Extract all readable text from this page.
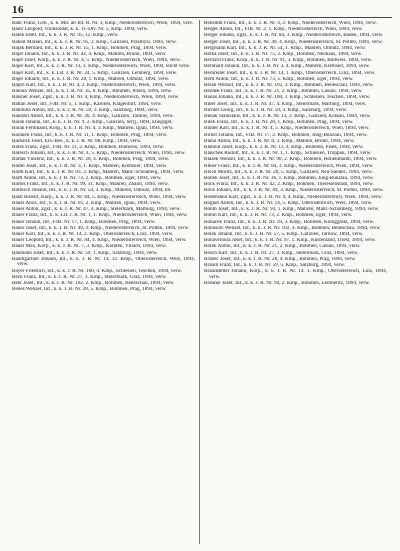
16

Bahr Franz, Geb., k. k. Mil. ab Jnf. R. Nr. 3, Kmp., Niederösterreich, Wien, 1894, vere.

Baier Leopold, Trainsoldat, k. k. Tr.-Div. Nr. 5, Kmp. 1894, verw.

Balek Josef, Inf., k. k. J. R. Nr. 95, 12. Kmp., verw.

Balent Marian, Inf., k. k. J. R. Nr. 95, 2. Kmp., Galizien, Przemysl, 1894, verw.

Bajak Bernard, Inf., k. k. J. R. Nr. 15, 1. Kmp., Böhmen, Prag, 1894, verw.

Bajer Johann, Inf., k. k. J. R. Nr. 42, 4. Kmp., Mähren, Brünn, 1894, verw.

Bajer Josef, Korp., k. k. J. R. Nr. 4, 5. Kmp., Niederösterreich, Wien, 1894, verw.

Bajer Karl, Inf., k. k. J. R. Nr. 13, 3. Kmp., Niederösterreich, Wien, 1894, leicht verw.

Bajer Karl, Inf., k. k. Lst. J. R. Nr. 24, 5. Kmp., Galizien, Lemberg, 1894, verw.

Bajer Eduard, Inf., k. k. J. R. Nr. 28, 1. Kmp., Mähren, Olmütz, 1894, verw.

Bajerl Karl, Inf., k. k. J. R. Nr. 4, 2. Kmp., Niederösterreich, Wien, 1894, verw.

Baloun Wenzel, Inf., k. k. J. R. Nr. 35, 8. Kmp., Böhmen, Pilsen, 1894, verw.

Balsner Josef, Zgsf., k. k. J. R. Nr. 4, Kmp., Niederösterreich, Wien, 1894, verw.

Baltan Josef, Inf., FJB. Nr. 5, 1. Kmp., Kärnten, Klagenfurt, 1894, verw.

Bandulla Anton, Inf., k. k. J. R. Nr. 59, 3. Kmp., Salzburg, 1894, verw.

Bandzel Anton, Inf., k. k. J. R. Nr. 20, 4. Kmp., Galizien, Tarnow, 1894, verw.

Baran Johann, Inf., k. k. J. R. Nr. 9, 2. Kmp., Galizien, Stryj, 1894, kriegsgef.

Barak Ferdinand, Korp., k. k. J. R. Nr. 4, 3. Kmp., Mähren, Iglau, 1894, verw.

Baranek Franz, Inf., k. k. J. R. Nr. 11, 1. Kmp., Böhmen, Prag, 1894, verw.

Barbarik Josef, Ers.-Res., k. k. J. R. Nr. 88, Kmp., 1894, verw.

Bares Franz, Zgsf., FJB. Nr. 11, 2. Kmp., Böhmen, Budweis, 1894, verw.

Baresch Johann, Inf., k. k. J. R. Nr. 4, 5. Kmp., Niederösterreich, Wien, 1894, verw.

Bartak Vinzenz, Inf., k. k. J. R. Nr. 28, 4. Kmp., Böhmen, Prag, 1894, verw.

Bartel Josef, Inf., k. k. J. R. Nr. 3, 1. Kmp., Mähren, Kremsier, 1894, verw.

Barth Karl, Inf., k. k. J. R. Nr. 93, 3. Kmp., Mähren, Mähr.-Schönberg, 1894, verw.

Bartl Anton, Inf., k. k. J. R. Nr. 73, 2. Kmp., Böhmen, Eger, 1894, verw.

Bartos Franz, Inf., k. k. J. R. Nr. 99, 11. Kmp., Mähren, Znaim, 1894, verw.

Bartusch Johann, Inf., k. k. J. R. Nr. 54, 3. Kmp., Mähren, Olmütz, 1894, tot.

Bastl Rudolf, Korp., k. k. J. R. Nr. 84, 5. Kmp., Niederösterreich, Wien, 1894, verw.

Bauer Alois, Inf., k. k. J. R. Nr. 81, 2. Kmp., Mähren, Iglau, 1894, verw.

Bauer Anton, Zgsf., k. k. J. R. Nr. 47, 4. Kmp., Steiermark, Marburg, 1894, verw.

Bauer Franz, Inf., k. k. Lst. J. R. Nr. 1, 1. Kmp., Niederösterreich, Wien, 1894, verw.

Bauer Johann, Inf., FJB. Nr. 17, 1. Kmp., Böhmen, Prag, 1894, verw.

Bauer Josef, Inf., k. k. J. R. Nr. 49, 3. Kmp., Niederösterreich, St. Pölten, 1894, verw.

Bauer Karl, Inf., k. k. J. R. Nr. 14, 2. Kmp., Oberösterreich, Linz, 1894, verw.

Bauer Leopold, Inf., k. k. J. R. Nr. 84, 4. Kmp., Niederösterreich, Wien, 1894, verw.

Bauer Max, Korp., k. k. J. R. Nr. 7, 3. Kmp., Kärnten, Villach, 1894, verw.

Baumann Josef, Inf., k. k. J. R. Nr. 59, 1. Kmp., Salzburg, 1894, verw.

Baumgartner Johann, Inf., k. k. J. R. Nr. 14, 12. Kmp., Oberösterreich, Wels, 1894, verw.

Bayer Friedrich, Inf., k. k. J. R. Nr. 100, 4. Kmp., Schlesien, Teschen, 1894, verw.

Beck Franz, Inf., k. k. J. R. Nr. 27, 3. Kmp., Steiermark, Graz, 1894, verw.

Beer Josef, Inf., k. k. J. R. Nr. 102, 2. Kmp., Böhmen, Beneschau, 1894, verw.

Beneš Wenzel, Inf., k. k. J. R. Nr. 28, 5. Kmp., Böhmen, Prag, 1894, verw.

Benedikt Franz, Inf., k. k. J. R. Nr. 4, 2. Kmp., Niederösterreich, Wien, 1894, verw.

Berger Anton, Inf., FJB. Nr. 2, 1. Kmp., Niederösterreich, Wien, 1894, verw.

Berger Johann, Zgsf., k. k. J. R. Nr. 84, 3. Kmp., Niederösterreich, Baden, 1894, verw.

Berger Josef, Inf., k. k. J. R. Nr. 49, 4. Kmp., Niederösterreich, St. Pölten, 1894, verw.

Bergmann Karl, Inf., k. k. J. R. Nr. 54, 1. Kmp., Mähren, Olmütz, 1894, verw.

Berka Josef, Inf., k. k. J. R. Nr. 75, 2. Kmp., Böhmen, Neuhaus, 1894, verw.

Bernard Franz, Korp., k. k. J. R. Nr. 91, 3. Kmp., Böhmen, Budweis, 1894, verw.

Bernhard Johann, Inf., k. k. J. R. Nr. 3, 4. Kmp., Mähren, Kremsier, 1894, verw.

Bernreiter Josef, Inf., k. k. J. R. Nr. 14, 1. Kmp., Oberösterreich, Linz, 1894, verw.

Bertl Anton, Inf., k. k. J. R. Nr. 73, 5. Kmp., Böhmen, Eger, 1894, verw.

Beran Wenzel, Inf., k. k. J. R. Nr. 102, 3. Kmp., Böhmen, Beneschau, 1894, verw.

Bezdek Franz, Inf., k. k. J. R. Nr. 21, 2. Kmp., Böhmen, Caslau, 1894, verw.

Bialas Johann, Inf., k. k. J. R. Nr. 100, 1. Kmp., Schlesien, Teschen, 1894, verw.

Biber Josef, Inf., k. k. J. R. Nr. 47, 4. Kmp., Steiermark, Marburg, 1894, verw.

Bichler Georg, Inf., k. k. J. R. Nr. 59, 3. Kmp., Salzburg, 1894, verw.

Bielak Stanislaus, Inf., k. k. J. R. Nr. 13, 2. Kmp., Galizien, Krakau, 1894, verw.

Bilek Franz, Inf., k. k. J. R. Nr. 28, 1. Kmp., Böhmen, Prag, 1894, verw.

Binder Karl, Inf., k. k. J. R. Nr. 4, 5. Kmp., Niederösterreich, Wien, 1894, verw.

Birner Johann, Inf., FJB. Nr. 17, 2. Kmp., Böhmen, Jung-Bunzlau, 1894, verw.

Blaha Anton, Inf., k. k. J. R. Nr. 8, 3. Kmp., Mähren, Brünn, 1894, verw.

Blahout Josef, Korp., k. k. J. R. Nr. 11, 4. Kmp., Böhmen, Pisek, 1894, verw.

Blaschek Rudolf, Inf., k. k. J. R. Nr. 1, 1. Kmp., Schlesien, Troppau, 1894, verw.

Blazek Wenzel, Inf., k. k. J. R. Nr. 98, 2. Kmp., Böhmen, Hohenmauth, 1894, verw.

Bleier Franz, Inf., k. k. J. R. Nr. 84, 3. Kmp., Niederösterreich, Wien, 1894, verw.

Bloch Moritz, Inf., k. k. J. R. Nr. 20, 5. Kmp., Galizien, Neu-Sandec, 1894, verw.

Bobek Josef, Inf., k. k. J. R. Nr. 36, 1. Kmp., Böhmen, Jung-Bunzlau, 1894, verw.

Bock Franz, Inf., k. k. J. R. Nr. 42, 2. Kmp., Böhmen, Theresienstadt, 1894, verw.

Böck Johann, Inf., k. k. J. R. Nr. 49, 3. Kmp., Niederösterreich, St. Pölten, 1894, verw.

Bodenstein Karl, Zgsf., k. k. J. R. Nr. 4, 4. Kmp., Niederösterreich, Wien, 1894, verw.

Bogner Anton, Inf., k. k. J. R. Nr. 14, 5. Kmp., Oberösterreich, Wels, 1894, verw.

Böhm Josef, Inf., k. k. J. R. Nr. 93, 1. Kmp., Mähren, Mähr.-Schönberg, 1894, verw.

Böhm Karl, Inf., k. k. J. R. Nr. 73, 2. Kmp., Böhmen, Eger, 1894, verw.

Bohacek Franz, Inf., k. k. J. R. Nr. 18, 3. Kmp., Böhmen, Königgrätz, 1894, verw.

Bohuslav Wenzel, Inf., k. k. J. R. Nr. 102, 4. Kmp., Böhmen, Beneschau, 1894, verw.

Bolek Johann, Inf., k. k. J. R. Nr. 57, 5. Kmp., Galizien, Tarnow, 1894, verw.

Bonaventura Josef, Inf., k. k. J. R. Nr. 97, 1. Kmp., Küstenland, Triest, 1894, verw.

Borek Anton, Inf., k. k. J. R. Nr. 21, 2. Kmp., Böhmen, Caslau, 1894, verw.

Bosch Karl, Inf., k. k. J. R. Nr. 27, 3. Kmp., Steiermark, Graz, 1894, verw.

Brabec Josef, Inf., k. k. J. R. Nr. 28, 4. Kmp., Böhmen, Prag, 1894, verw.

Brandl Franz, Inf., k. k. J. R. Nr. 59, 5. Kmp., Salzburg, 1894, verw.

Brandstetter Johann, Korp., k. k. J. R. Nr. 14, 1. Kmp., Oberösterreich, Linz, 1894, verw.

Brauner Josef, Inf., k. k. J. R. Nr. 94, 2. Kmp., Böhmen, Leitmeritz, 1894, verw.
